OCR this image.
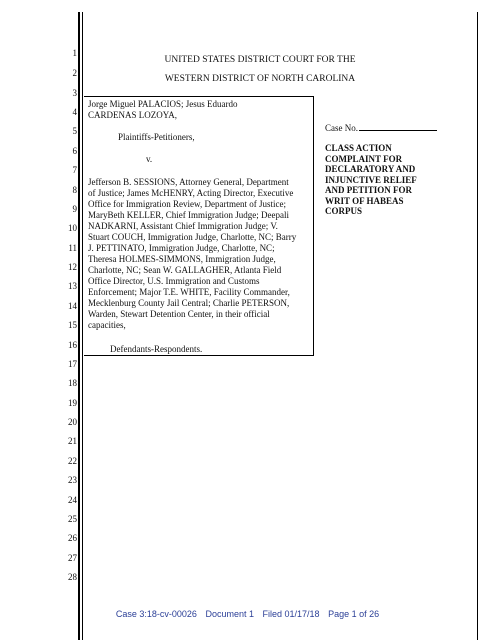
1
2
3
4
5
6
7
8
9
10
11
12
13
14
15
16
17
18
19
20
21
22
23
24
25
26
27
28
UNITED STATES DISTRICT COURT FOR THE
WESTERN DISTRICT OF NORTH CAROLINA
Jorge Miguel PALACIOS; Jesus Eduardo
CARDENAS LOZOYA,
Plaintiffs-Petitioners,
v.
Jefferson B. SESSIONS, Attorney General, Department
of Justice; James McHENRY, Acting Director, Executive
Office for Immigration Review, Department of Justice;
MaryBeth KELLER, Chief Immigration Judge; Deepali
NADKARNI, Assistant Chief Immigration Judge; V.
Stuart COUCH, Immigration Judge, Charlotte, NC; Barry
J. PETTINATO, Immigration Judge, Charlotte, NC;
Theresa HOLMES-SIMMONS, Immigration Judge,
Charlotte, NC; Sean W. GALLAGHER, Atlanta Field
Office Director, U.S. Immigration and Customs
Enforcement; Major T.E. WHITE, Facility Commander,
Mecklenburg County Jail Central; Charlie PETERSON,
Warden, Stewart Detention Center, in their official
capacities,
Defendants-Respondents.
Case No.
CLASS ACTION
COMPLAINT FOR
DECLARATORY AND
INJUNCTIVE RELIEF
AND PETITION FOR
WRIT OF HABEAS
CORPUS
Case 3:18-cv-00026 Document 1 Filed 01/17/18 Page 1 of 26
